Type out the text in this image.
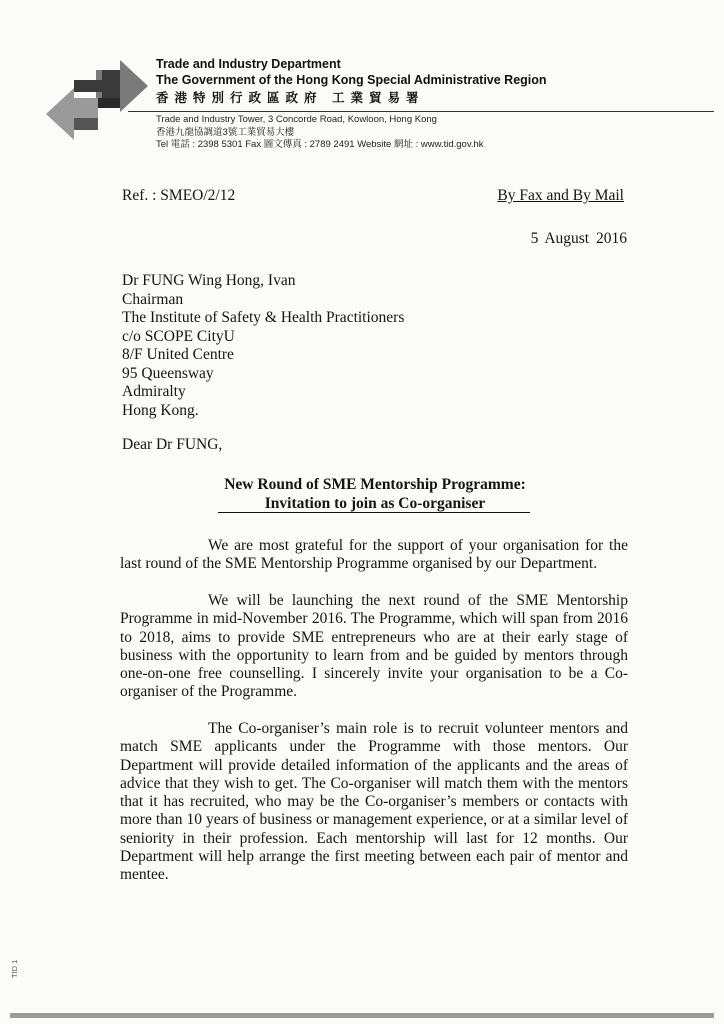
Trade and Industry Department
The Government of the Hong Kong Special Administrative Region
香港特別行政區政府 工業貿易署
Trade and Industry Tower, 3 Concorde Road, Kowloon, Hong Kong
香港九龍協調道3號工業貿易大樓
Tel 電話 : 2398 5301 Fax 圖文傳真 : 2789 2491 Website 網址 : www.tid.gov.hk
Ref. : SMEO/2/12	By Fax and By Mail
5 August 2016
Dr FUNG Wing Hong, Ivan
Chairman
The Institute of Safety & Health Practitioners
c/o SCOPE CityU
8/F United Centre
95 Queensway
Admiralty
Hong Kong.
Dear Dr FUNG,
New Round of SME Mentorship Programme:
Invitation to join as Co-organiser

We are most grateful for the support of your organisation for the last round of the SME Mentorship Programme organised by our Department.

We will be launching the next round of the SME Mentorship Programme in mid-November 2016. The Programme, which will span from 2016 to 2018, aims to provide SME entrepreneurs who are at their early stage of business with the opportunity to learn from and be guided by mentors through one-on-one free counselling. I sincerely invite your organisation to be a Co-organiser of the Programme.

The Co-organiser’s main role is to recruit volunteer mentors and match SME applicants under the Programme with those mentors. Our Department will provide detailed information of the applicants and the areas of advice that they wish to get. The Co-organiser will match them with the mentors that it has recruited, who may be the Co-organiser’s members or contacts with more than 10 years of business or management experience, or at a similar level of seniority in their profession. Each mentorship will last for 12 months. Our Department will help arrange the first meeting between each pair of mentor and mentee.

TID 1
